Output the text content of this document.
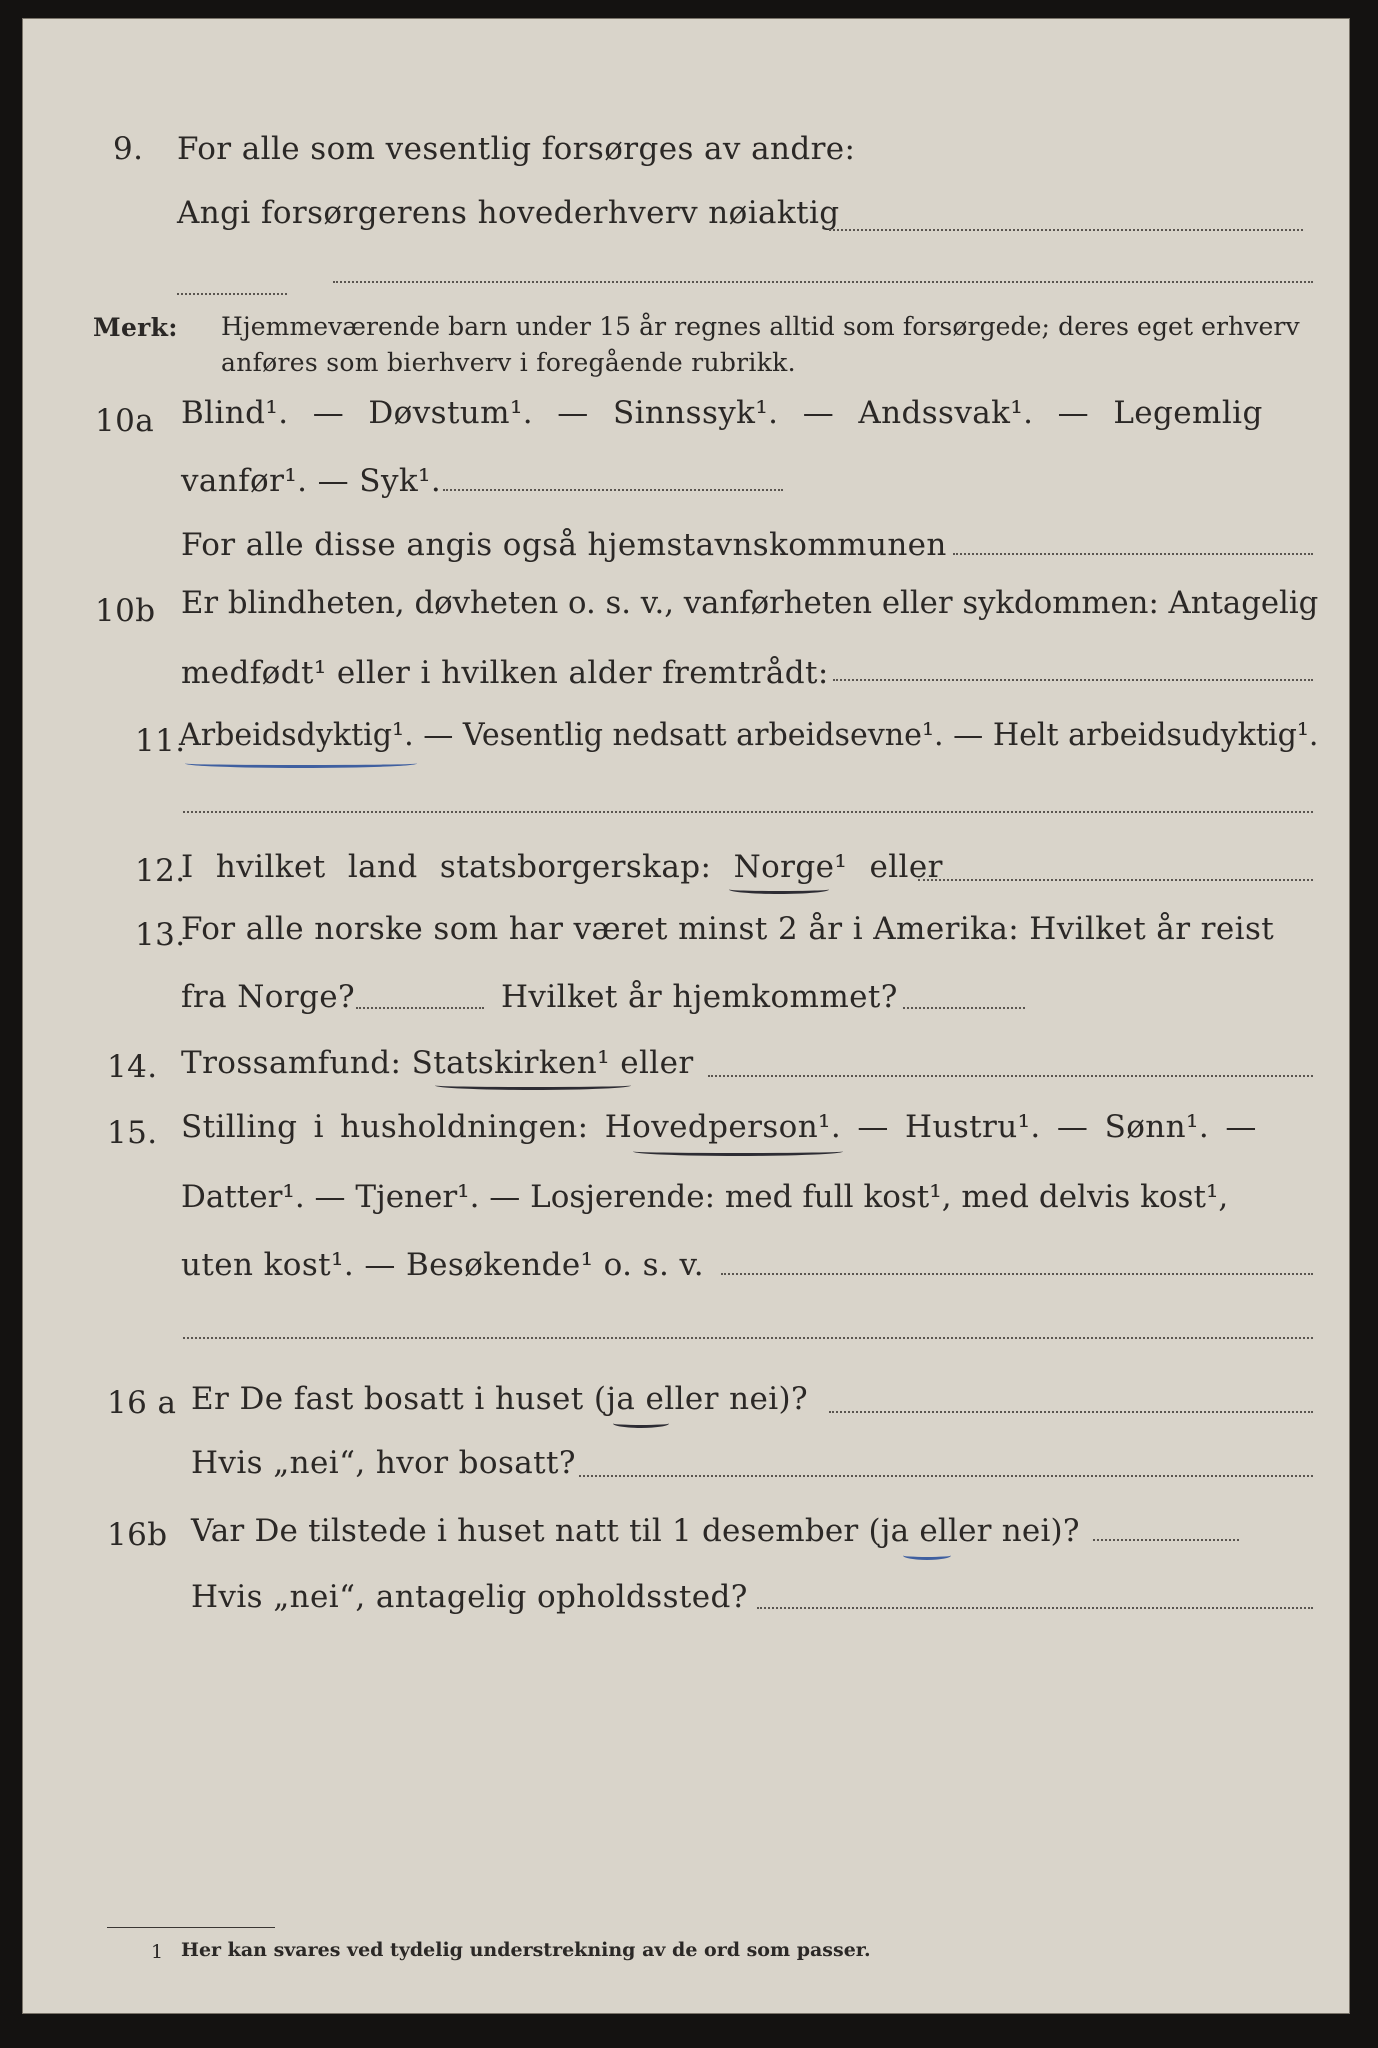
9. For alle som vesentlig forsørges av andre:
Angi forsørgerens hovederhverv nøiaktig
Merk: Hjemmeværende barn under 15 år regnes alltid som forsørgede; deres eget erhverv
anføres som bierhverv i foregående rubrikk.
10a Blind¹. — Døvstum¹. — Sinnssyk¹. — Andssvak¹. — Legemlig
vanfør¹. — Syk¹.
For alle disse angis også hjemstavnskommunen
10b Er blindheten, døvheten o. s. v., vanførheten eller sykdommen: Antagelig
medfødt¹ eller i hvilken alder fremtrådt:
11.
Arbeidsdyktig¹. — Vesentlig nedsatt arbeidsevne¹. — Helt arbeidsudyktig¹.
12.
I hvilket land statsborgerskap: Norge¹ eller
13.
For alle norske som har været minst 2 år i Amerika: Hvilket år reist
fra Norge?	Hvilket år hjemkommet?
14. Trossamfund: Statskirken¹ eller
15. Stilling i husholdningen: Hovedperson¹. — Hustru¹. — Sønn¹. —
Datter¹. — Tjener¹. — Losjerende: med full kost¹, med delvis kost¹,
uten kost¹. — Besøkende¹ o. s. v.
16 a Er De fast bosatt i huset (ja eller nei)?
Hvis „nei“, hvor bosatt?
16b Var De tilstede i huset natt til 1 desember (ja eller nei)?
Hvis „nei“, antagelig opholdssted?
1 Her kan svares ved tydelig understrekning av de ord som passer.
